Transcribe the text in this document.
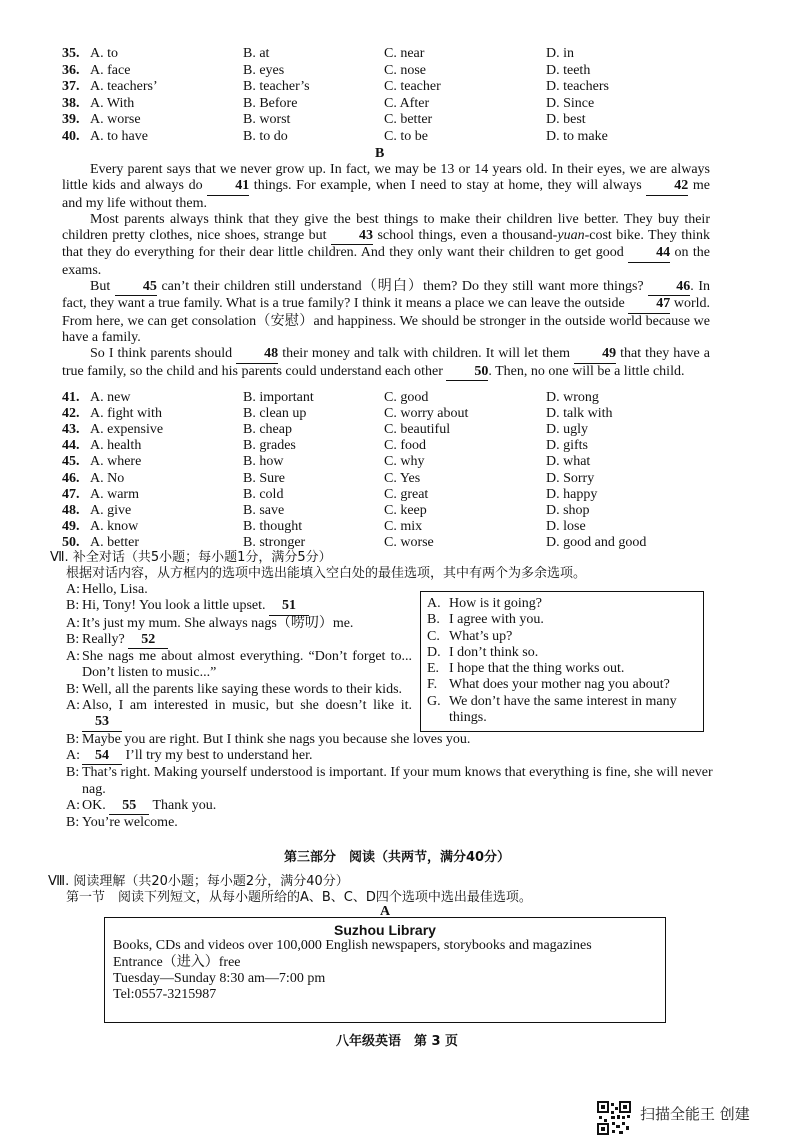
35. A. to	B. at	C. near	D. in
36. A. face	B. eyes	C. nose	D. teeth
37. A. teachers’	B. teacher’s	C. teacher	D. teachers
38. A. With	B. Before	C. After	D. Since
39. A. worse	B. worst	C. better	D. best
40. A. to have	B. to do	C. to be	D. to make
B

Every parent says that we never grow up. In fact, we may be 13 or 14 years old. In their eyes, we are always little kids and always do 41 things. For example, when I need to stay at home, they will always 42 me and my life without them.

Most parents always think that they give the best things to make their children live better. They buy their children pretty clothes, nice shoes, strange but 43 school things, even a thousand-yuan-cost bike. They think that they do everything for their dear little children. And they only want their children to get good 44 on the exams.

But 45 can’t their children still understand（明白）them? Do they still want more things? 46. In fact, they want a true family. What is a true family? I think it means a place we can leave the outside 47 world. From here, we can get consolation（安慰）and happiness. We should be stronger in the outside world because we have a family.

So I think parents should 48 their money and talk with children. It will let them 49 that they have a true family, so the child and his parents could understand each other 50. Then, no one will be a little child.

41. A. new	B. important	C. good	D. wrong
42. A. fight with	B. clean up	C. worry about	D. talk with
43. A. expensive	B. cheap	C. beautiful	D. ugly
44. A. health	B. grades	C. food	D. gifts
45. A. where	B. how	C. why	D. what
46. A. No	B. Sure	C. Yes	D. Sorry
47. A. warm	B. cold	C. great	D. happy
48. A. give	B. save	C. keep	D. shop
49. A. know	B. thought	C. mix	D. lose
50. A. better	B. stronger	C. worse	D. good and good
Ⅶ. 补全对话（共5小题；每小题1分，满分5分）
根据对话内容，从方框内的选项中选出能填入空白处的最佳选项，其中有两个为多余选项。
A: Hello, Lisa.
B: Hi, Tony! You look a little upset. 51
A: It’s just my mum. She always nags（唠叨）me.
B: Really? 52
A: She nags me about almost everything. “Don’t forget to... Don’t listen to music...”
B: Well, all the parents like saying these words to their kids.
A: Also, I am interested in music, but she doesn’t like it. 53
B: Maybe you are right. But I think she nags you because she loves you.
A: 54 I’ll try my best to understand her.
B: That’s right. Making yourself understood is important. If your mum knows that everything is fine, she will never nag.
A: OK. 55 Thank you.
B: You’re welcome.
A. How is it going?
B. I agree with you.
C. What’s up?
D. I don’t think so.
E. I hope that the thing works out.
F. What does your mother nag you about?
G. We don’t have the same interest in many things.
第三部分　阅读（共两节，满分40分）
Ⅷ. 阅读理解（共20小题；每小题2分，满分40分）
第一节　阅读下列短文，从每小题所给的A、B、C、D四个选项中选出最佳选项。
A
Suzhou Library
Books, CDs and videos over 100,000 English newspapers, storybooks and magazines
Entrance（进入）free
Tuesday—Sunday 8:30 am—7:00 pm
Tel:0557-3215987
八年级英语　第 3 页
扫描全能王 创建
